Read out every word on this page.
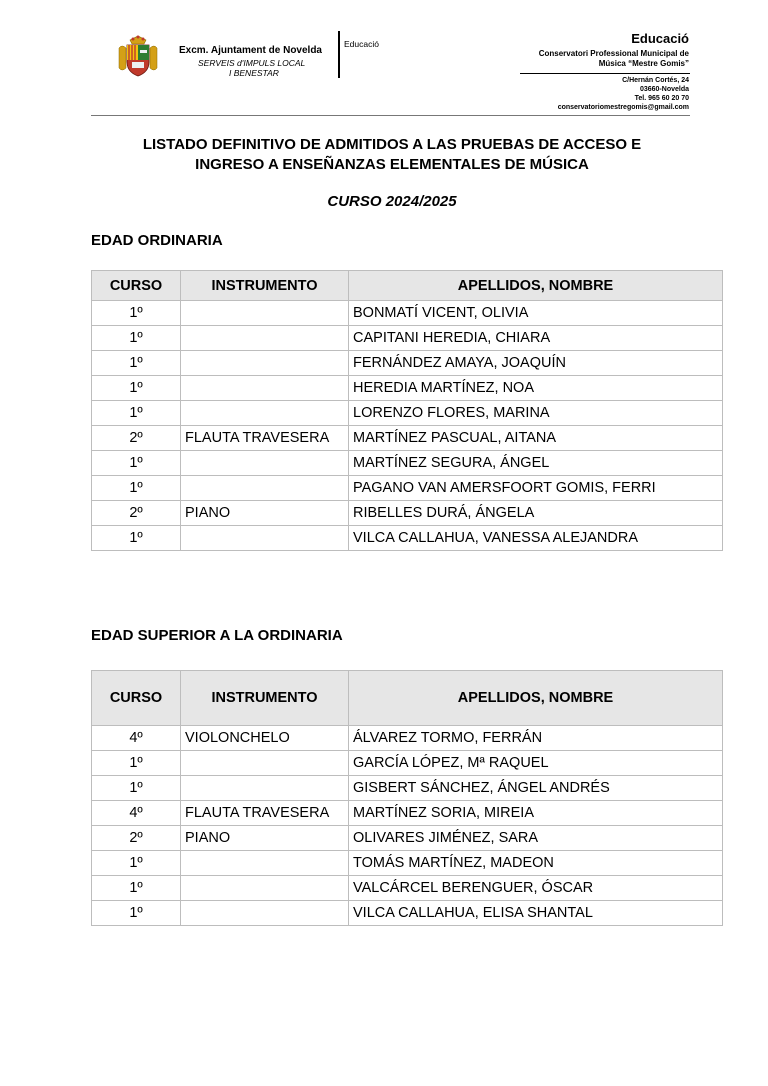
Excm. Ajuntament de Novelda
SERVEIS d'IMPULS LOCAL
I BENESTAR
Educació	Educació
Conservatori Professional Municipal de
Música “Mestre Gomis”
C/Hernán Cortés, 24
03660-Novelda
Tel. 965 60 20 70
conservatoriomestregomis@gmail.com
LISTADO DEFINITIVO DE ADMITIDOS A LAS PRUEBAS DE ACCESO E
INGRESO A ENSEÑANZAS ELEMENTALES DE MÚSICA
CURSO 2024/2025
EDAD ORDINARIA
CURSO	INSTRUMENTO	APELLIDOS, NOMBRE
1º		BONMATÍ VICENT, OLIVIA
1º		CAPITANI HEREDIA, CHIARA
1º		FERNÁNDEZ AMAYA, JOAQUÍN
1º		HEREDIA MARTÍNEZ, NOA
1º		LORENZO FLORES, MARINA
2º	FLAUTA TRAVESERA	MARTÍNEZ PASCUAL, AITANA
1º		MARTÍNEZ SEGURA, ÁNGEL
1º		PAGANO VAN AMERSFOORT GOMIS, FERRI
2º	PIANO	RIBELLES DURÁ, ÁNGELA
1º		VILCA CALLAHUA, VANESSA ALEJANDRA
EDAD SUPERIOR A LA ORDINARIA
CURSO	INSTRUMENTO	APELLIDOS, NOMBRE
4º	VIOLONCHELO	ÁLVAREZ TORMO, FERRÁN
1º		GARCÍA LÓPEZ, Mª RAQUEL
1º		GISBERT SÁNCHEZ, ÁNGEL ANDRÉS
4º	FLAUTA TRAVESERA	MARTÍNEZ SORIA, MIREIA
2º	PIANO	OLIVARES JIMÉNEZ, SARA
1º		TOMÁS MARTÍNEZ, MADEON
1º		VALCÁRCEL BERENGUER, ÓSCAR
1º		VILCA CALLAHUA, ELISA SHANTAL
